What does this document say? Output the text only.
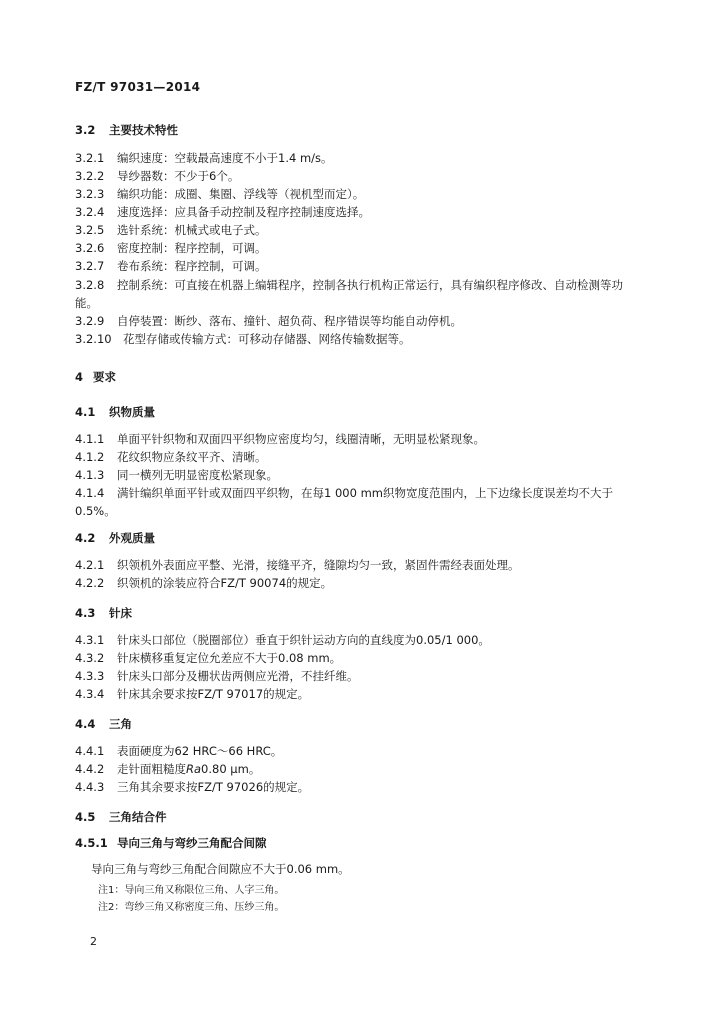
FZ/T 97031—2014
3.2 主要技术特性
3.2.1 编织速度：空载最高速度不小于1.4 m/s。
3.2.2 导纱器数：不少于6个。
3.2.3 编织功能：成圈、集圈、浮线等（视机型而定）。
3.2.4 速度选择：应具备手动控制及程序控制速度选择。
3.2.5 选针系统：机械式或电子式。
3.2.6 密度控制：程序控制，可调。
3.2.7 卷布系统：程序控制，可调。
3.2.8 控制系统：可直接在机器上编辑程序，控制各执行机构正常运行，具有编织程序修改、自动检测等功能。
3.2.9 自停装置：断纱、落布、撞针、超负荷、程序错误等均能自动停机。
3.2.10 花型存储或传输方式：可移动存储器、网络传输数据等。
4 要求
4.1 织物质量
4.1.1 单面平针织物和双面四平织物应密度均匀，线圈清晰，无明显松紧现象。
4.1.2 花纹织物应条纹平齐、清晰。
4.1.3 同一横列无明显密度松紧现象。
4.1.4 满针编织单面平针或双面四平织物，在每1 000 mm织物宽度范围内，上下边缘长度误差均不大于0.5%。
4.2 外观质量
4.2.1 织领机外表面应平整、光滑，接缝平齐，缝隙均匀一致，紧固件需经表面处理。
4.2.2 织领机的涂装应符合FZ/T 90074的规定。
4.3 针床
4.3.1 针床头口部位（脱圈部位）垂直于织针运动方向的直线度为0.05/1 000。
4.3.2 针床横移重复定位允差应不大于0.08 mm。
4.3.3 针床头口部分及栅状齿两侧应光滑，不挂纤维。
4.3.4 针床其余要求按FZ/T 97017的规定。
4.4 三角
4.4.1 表面硬度为62 HRC～66 HRC。
4.4.2 走针面粗糙度Ra0.80 μm。
4.4.3 三角其余要求按FZ/T 97026的规定。
4.5 三角结合件
4.5.1 导向三角与弯纱三角配合间隙
导向三角与弯纱三角配合间隙应不大于0.06 mm。
注1：导向三角又称限位三角、人字三角。
注2：弯纱三角又称密度三角、压纱三角。
2
